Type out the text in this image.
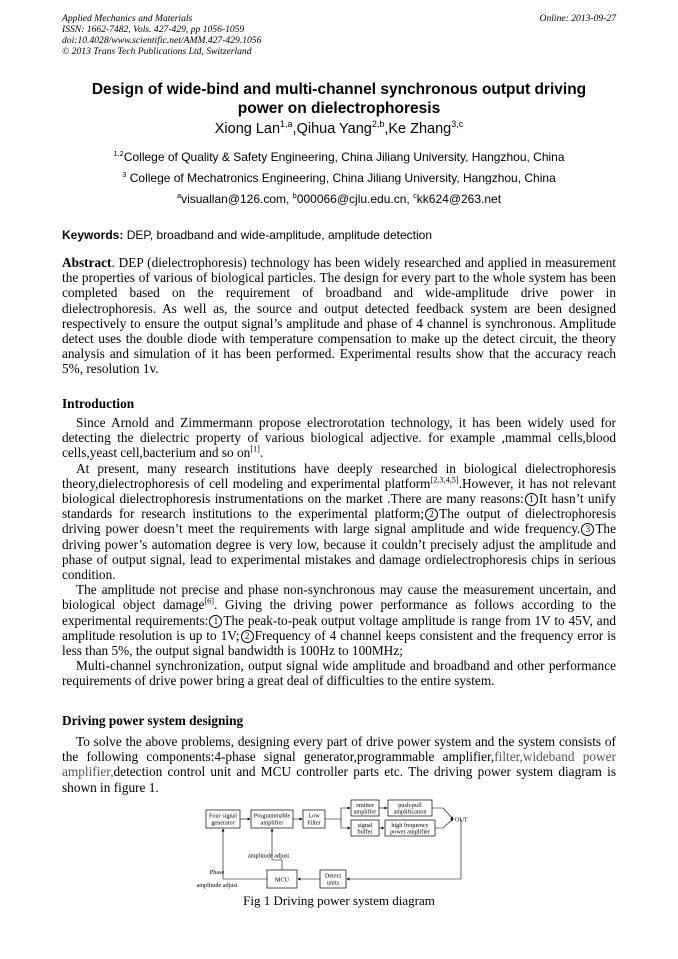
Applied Mechanics and Materials
ISSN: 1662-7482, Vols. 427-429, pp 1056-1059
doi:10.4028/www.scientific.net/AMM.427-429.1056
© 2013 Trans Tech Publications Ltd, Switzerland
Online: 2013-09-27
Design of wide-bind and multi-channel synchronous output driving
power on dielectrophoresis
Xiong Lan$^{1,a}$,Qihua Yang$^{2,b}$,Ke Zhang$^{3,c}$
$^{1,2}$College of Quality & Safety Engineering, China Jiliang University, Hangzhou, China
$^3$ College of Mechatronics Engineering, China Jiliang University, Hangzhou, China
$^a$visuallan@126.com, $^b$000066@cjlu.edu.cn, $^c$kk624@263.net
Keywords: DEP, broadband and wide-amplitude, amplitude detection

Abstract. DEP (dielectrophoresis) technology has been widely researched and applied in measurement the properties of various of biological particles. The design for every part to the whole system has been completed based on the requirement of broadband and wide-amplitude drive power in dielectrophoresis. As well as, the source and output detected feedback system are been designed respectively to ensure the output signal’s amplitude and phase of 4 channel is synchronous. Amplitude detect uses the double diode with temperature compensation to make up the detect circuit, the theory analysis and simulation of it has been performed. Experimental results show that the accuracy reach 5%, resolution 1v.

Introduction

Since Arnold and Zimmermann propose electrorotation technology, it has been widely used for detecting the dielectric property of various biological adjective. for example ,mammal cells,blood cells,yeast cell,bacterium and so on[1].

At present, many research institutions have deeply researched in biological dielectrophoresis theory,dielectrophoresis of cell modeling and experimental platform[2,3,4,5].However, it has not relevant biological dielectrophoresis instrumentations on the market .There are many reasons: 1 It hasn’t unify standards for research institutions to the experimental platform; 2 The output of dielectrophoresis driving power doesn’t meet the requirements with large signal amplitude and wide frequency. 3 The driving power’s automation degree is very low, because it couldn’t precisely adjust the amplitude and phase of output signal, lead to experimental mistakes and damage ordielectrophoresis chips in serious condition.

The amplitude not precise and phase non-synchronous may cause the measurement uncertain, and biological object damage[6]. Giving the driving power performance as follows according to the experimental requirements: 1 The peak-to-peak output voltage amplitude is range from 1V to 45V, and amplitude resolution is up to 1V; 2 Frequency of 4 channel keeps consistent and the frequency error is less than 5%, the output signal bandwidth is 100Hz to 100MHz;

Multi-channel synchronization, output signal wide amplitude and broadband and other performance requirements of drive power bring a great deal of difficulties to the entire system.

Driving power system designing

To solve the above problems, designing every part of drive power system and the system consists of the following components:4-phase signal generator,programmable amplifier,filter,wideband power amplifier,detection control unit and MCU controller parts etc. The driving power system diagram is shown in figure 1.

Four signal
generator
Programmable
amplifier
Low
Filter
emitter
amplifier
push-pull
amplification
signal
buffer
high frequency
power amplifier
OUT
amplitude adjust
Phase
amplitude adjust
MCU
Detect
units
Fig 1 Driving power system diagram
